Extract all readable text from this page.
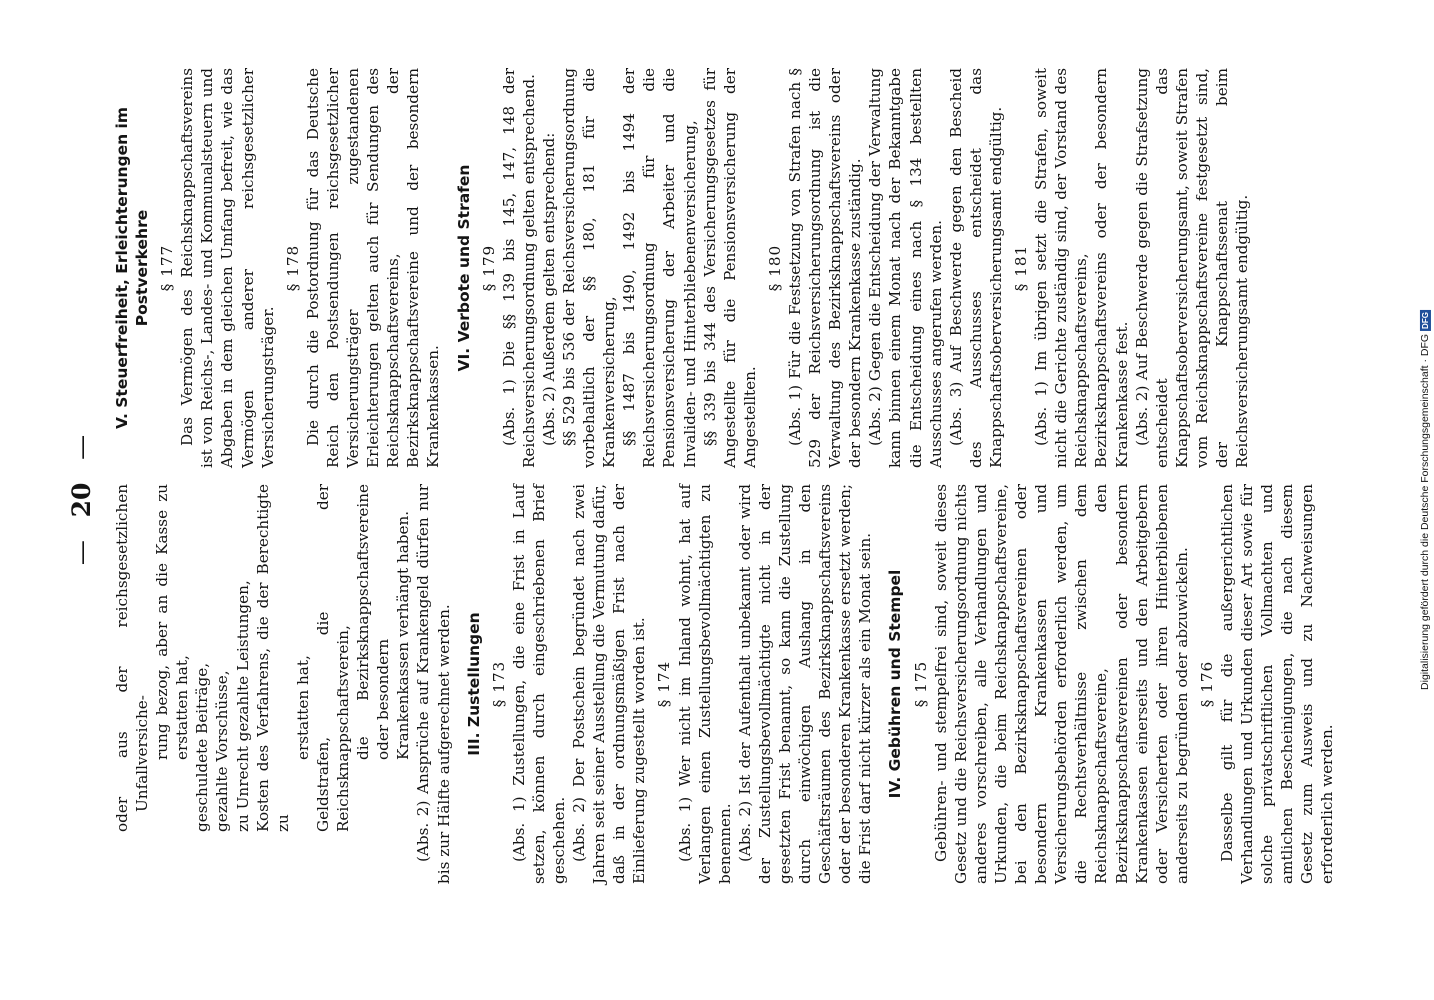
— 20 —
oder aus der reichsgesetzlichen Unfallversiche- rung bezog, aber an die Kasse zu erstatten hat, geschuldete Beiträge, gezahlte Vorschüsse, zu Unrecht gezahlte Leistungen, Kosten des Verfahrens, die der Berechtigte zu
erstatten hat, Geldstrafen, die der Reichsknappschaftsverein, die Bezirksknappschaftsvereine oder besondern Krankenkassen verhängt haben. (Abs. 2) Ansprüche auf Krankengeld dürfen nur bis zur Hälfte aufgerechnet werden. III. Zustellungen § 173 (Abs. 1) Zustellungen, die eine Frist in Lauf setzen, können durch eingeschriebenen Brief geschehen. (Abs. 2) Der Postschein begründet nach zwei Jahren seit seiner Ausstellung die Vermutung dafür, daß in der ordnungsmäßigen Frist nach der Einlieferung zugestellt worden ist. § 174 (Abs. 1) Wer nicht im Inland wohnt, hat auf Verlangen einen Zustellungsbevollmächtigten zu benennen. (Abs. 2) Ist der Aufenthalt unbekannt oder wird der Zustellungsbevollmächtigte nicht in der gesetzten Frist benannt, so kann die Zustellung durch einwöchigen Aushang in den Geschäftsräumen des Bezirksknappschaftsvereins oder der besonderen Krankenkasse ersetzt werden; die Frist darf nicht kürzer als ein Monat sein. IV. Gebühren und Stempel § 175 Gebühren- und stempelfrei sind, soweit dieses Gesetz und die Reichsversicherungsordnung nichts anderes vorschreiben, alle Verhandlungen und Urkunden, die beim Reichsknappschaftsvereine, bei den Bezirksknappschaftsvereinen oder besondern Krankenkassen und Versicherungsbehörden erforderlich werden, um die Rechtsverhältnisse zwischen dem Reichsknappschaftsvereine, den Bezirksknappschaftsvereinen oder besondern Krankenkassen einerseits und den Arbeitgebern oder Versicherten oder ihren Hinterbliebenen anderseits zu begründen oder abzuwickeln. § 176 Dasselbe gilt für die außergerichtlichen Verhandlungen und Urkunden dieser Art sowie für solche privatschriftlichen Vollmachten und amtlichen Bescheinigungen, die nach diesem Gesetz zum Ausweis und zu Nachweisungen erforderlich werden.

V. Steuerfreiheit, Erleichterungen im Postverkehre § 177 Das Vermögen des Reichsknappschaftsvereins ist von Reichs-, Landes- und Kommunalsteuern und Abgaben in dem gleichen Umfang befreit, wie das Vermögen anderer reichsgesetzlicher Versicherungsträger.

§ 178 Die durch die Postordnung für das Deutsche Reich den Postsendungen reichsgesetzlicher Versicherungsträger zugestandenen Erleichterungen gelten auch für Sendungen des Reichsknappschaftsvereins, der Bezirksknappschaftsvereine und der besondern Krankenkassen.

VI. Verbote und Strafen § 179 (Abs. 1) Die §§ 139 bis 145, 147, 148 der Reichsversicherungsordnung gelten entsprechend. (Abs. 2) Außerdem gelten entsprechend: §§ 529 bis 536 der Reichsversicherungsordnung vorbehaltlich der §§ 180, 181 für die Krankenversicherung, §§ 1487 bis 1490, 1492 bis 1494 der Reichsversicherungsordnung für die Pensionsversicherung der Arbeiter und die Invaliden- und Hinterbliebenenversicherung, §§ 339 bis 344 des Versicherungsgesetzes für Angestellte für die Pensionsversicherung der Angestellten.

§ 180 (Abs. 1) Für die Festsetzung von Strafen nach § 529 der Reichsversicherungsordnung ist die Verwaltung des Bezirksknappschaftsvereins oder der besondern Krankenkasse zuständig. (Abs. 2) Gegen die Entscheidung der Verwaltung kann binnen einem Monat nach der Bekanntgabe die Entscheidung eines nach § 134 bestellten Ausschusses angerufen werden. (Abs. 3) Auf Beschwerde gegen den Bescheid des Ausschusses entscheidet das Knappschaftsoberversicherungsamt endgültig. § 181 (Abs. 1) Im übrigen setzt die Strafen, soweit nicht die Gerichte zuständig sind, der Vorstand des Reichsknappschaftsvereins, Bezirksknappschaftsvereins oder der besondern Krankenkasse fest. (Abs. 2) Auf Beschwerde gegen die Strafsetzung entscheidet das Knappschaftsoberversicherungsamt, soweit Strafen vom Reichsknappschaftsvereine festgesetzt sind, der Knappschaftssenat beim Reichsversicherungsamt endgültig.

Digitalisierung gefördert durch die Deutsche Forschungsgemeinschaft · DFG
DFG
